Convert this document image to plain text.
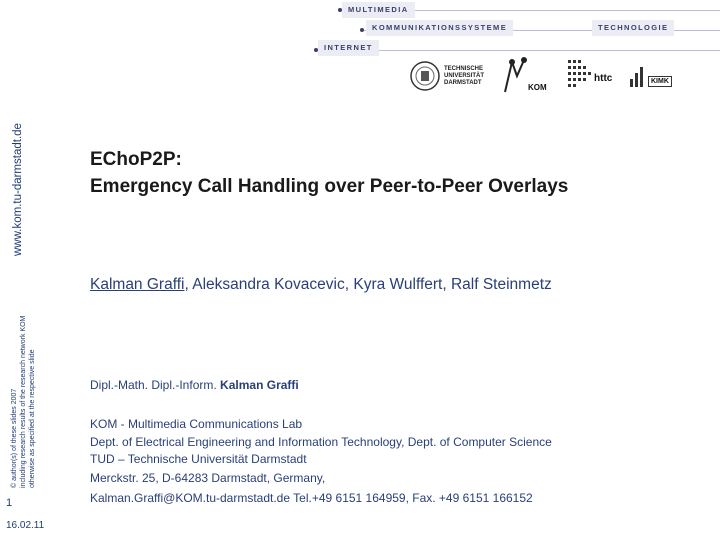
MULTIMEDIA
KOMMUNIKATIONSSYSTEME	TECHNOLOGIE
INTERNET
TECHNISCHE
UNIVERSITÄT
DARMSTADT	KOM
httc	KIMK
www.kom.tu-darmstadt.de
© author(s) of these slides 2007 including research results of the research network KOM otherwise as specified at the respective slide
1
16.02.11
EChoP2P:
Emergency Call Handling over Peer-to-Peer Overlays
Kalman Graffi, Aleksandra Kovacevic, Kyra Wulffert, Ralf Steinmetz
Dipl.-Math. Dipl.-Inform. Kalman Graffi
KOM - Multimedia Communications Lab
Dept. of Electrical Engineering and Information Technology, Dept. of Computer Science
TUD – Technische Universität Darmstadt
Merckstr. 25, D-64283 Darmstadt, Germany,
Kalman.Graffi@KOM.tu-darmstadt.de Tel.+49 6151 164959, Fax. +49 6151 166152
